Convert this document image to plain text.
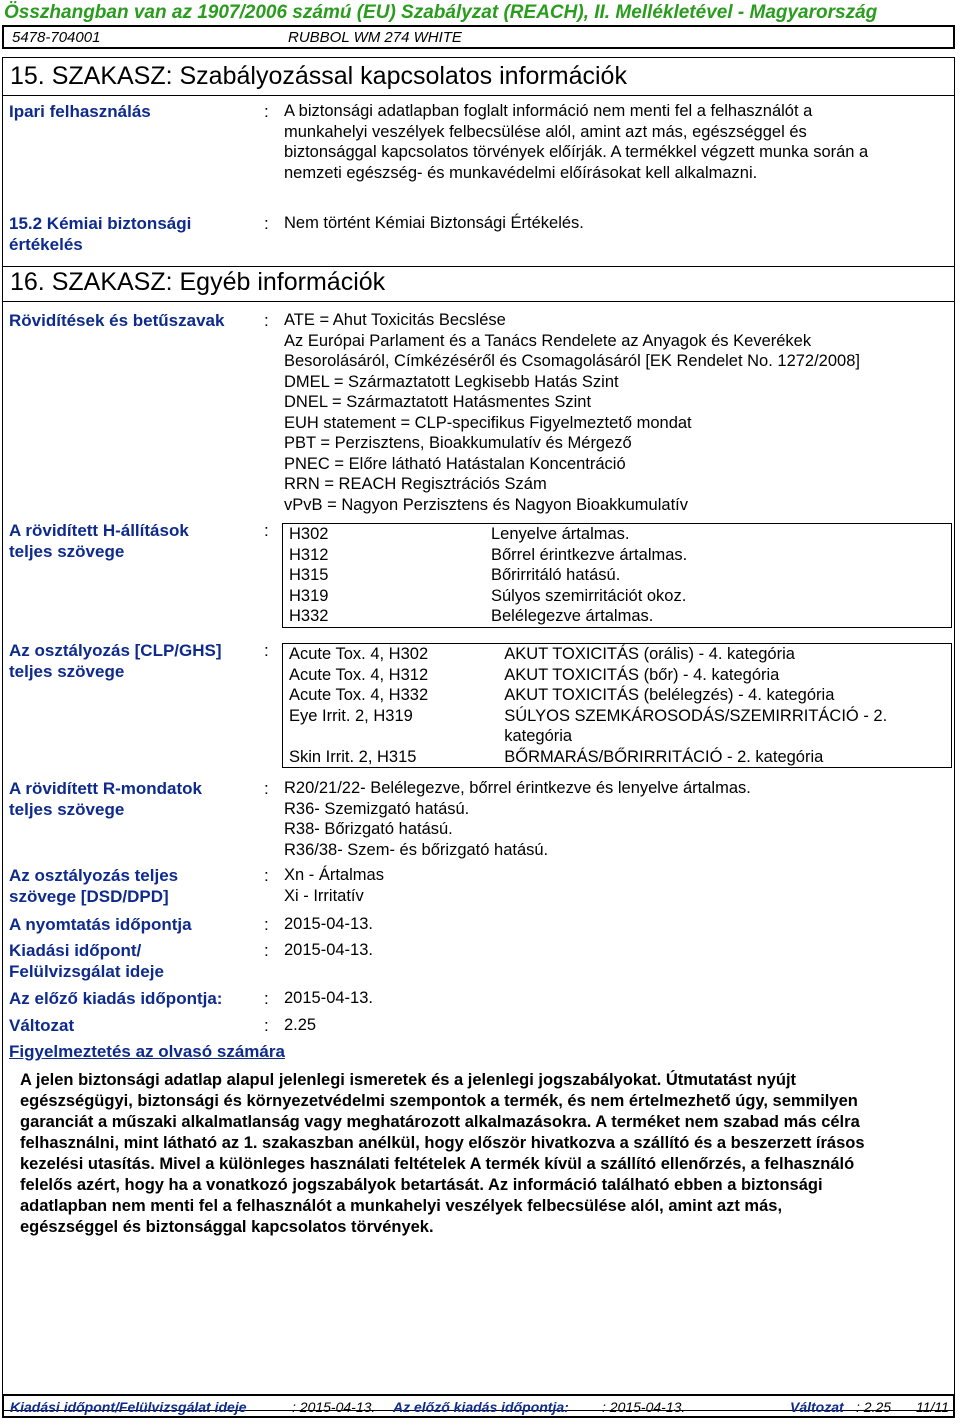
Összhangban van az 1907/2006 számú (EU) Szabályzat (REACH), II. Mellékletével - Magyarország
5478-704001	RUBBOL WM 274 WHITE
15. SZAKASZ: Szabályozással kapcsolatos információk
Ipari felhasználás	: A biztonsági adatlapban foglalt információ nem menti fel a felhasználót a
munkahelyi veszélyek felbecsülése alól, amint azt más, egészséggel és
biztonsággal kapcsolatos törvények előírják. A termékkel végzett munka során a
nemzeti egészség- és munkavédelmi előírásokat kell alkalmazni.
15.2 Kémiai biztonsági értékelés
: Nem történt Kémiai Biztonsági Értékelés.
16. SZAKASZ: Egyéb információk
Rövidítések és betűszavak	: ATE = Ahut Toxicitás Becslése
Az Európai Parlament és a Tanács Rendelete az Anyagok és Keverékek
Besorolásáról, Címkézéséről és Csomagolásáról [EK Rendelet No. 1272/2008]
DMEL = Származtatott Legkisebb Hatás Szint
DNEL = Származtatott Hatásmentes Szint
EUH statement = CLP-specifikus Figyelmeztető mondat
PBT = Perzisztens, Bioakkumulatív és Mérgező
PNEC = Előre látható Hatástalan Koncentráció
RRN = REACH Regisztrációs Szám
vPvB = Nagyon Perzisztens és Nagyon Bioakkumulatív
A rövidített H-állítások teljes szövege
: H302	Lenyelve ártalmas.
H312	Bőrrel érintkezve ártalmas.
H315	Bőrirritáló hatású.
H319	Súlyos szemirritációt okoz.
H332	Belélegezve ártalmas.
Az osztályozás [CLP/GHS] teljes szövege
: Acute Tox. 4, H302	AKUT TOXICITÁS (orális) - 4. kategória
Acute Tox. 4, H312	AKUT TOXICITÁS (bőr) - 4. kategória
Acute Tox. 4, H332	AKUT TOXICITÁS (belélegzés) - 4. kategória
Eye Irrit. 2, H319	SÚLYOS SZEMKÁROSODÁS/SZEMIRRITÁCIÓ - 2. kategória
Skin Irrit. 2, H315	BŐRMARÁS/BŐRIRRITÁCIÓ - 2. kategória
A rövidített R-mondatok teljes szövege
: R20/21/22- Belélegezve, bőrrel érintkezve és lenyelve ártalmas.
R36- Szemizgató hatású.
R38- Bőrizgató hatású.
R36/38- Szem- és bőrizgató hatású.
Az osztályozás teljes szövege [DSD/DPD]
: Xn - Ártalmas
Xi - Irritatív
A nyomtatás időpontja	: 2015-04-13.
Kiadási időpont/ Felülvizsgálat ideje
: 2015-04-13.
Az előző kiadás időpontja:	: 2015-04-13.
Változat	: 2.25
Figyelmeztetés az olvasó számára
A jelen biztonsági adatlap alapul jelenlegi ismeretek és a jelenlegi jogszabályokat. Útmutatást nyújt
egészségügyi, biztonsági és környezetvédelmi szempontok a termék, és nem értelmezhető úgy, semmilyen
garanciát a műszaki alkalmatlanság vagy meghatározott alkalmazásokra. A terméket nem szabad más célra
felhasználni, mint látható az 1. szakaszban anélkül, hogy először hivatkozva a szállító és a beszerzett írásos
kezelési utasítás. Mivel a különleges használati feltételek A termék kívül a szállító ellenőrzés, a felhasználó
felelős azért, hogy ha a vonatkozó jogszabályok betartását. Az információ található ebben a biztonsági
adatlapban nem menti fel a felhasználót a munkahelyi veszélyek felbecsülése alól, amint azt más,
egészséggel és biztonsággal kapcsolatos törvények.
Kiadási időpont/Felülvizsgálat ideje	: 2015-04-13. Az előző kiadás időpontja: : 2015-04-13.	Változat : 2.25 11/11
